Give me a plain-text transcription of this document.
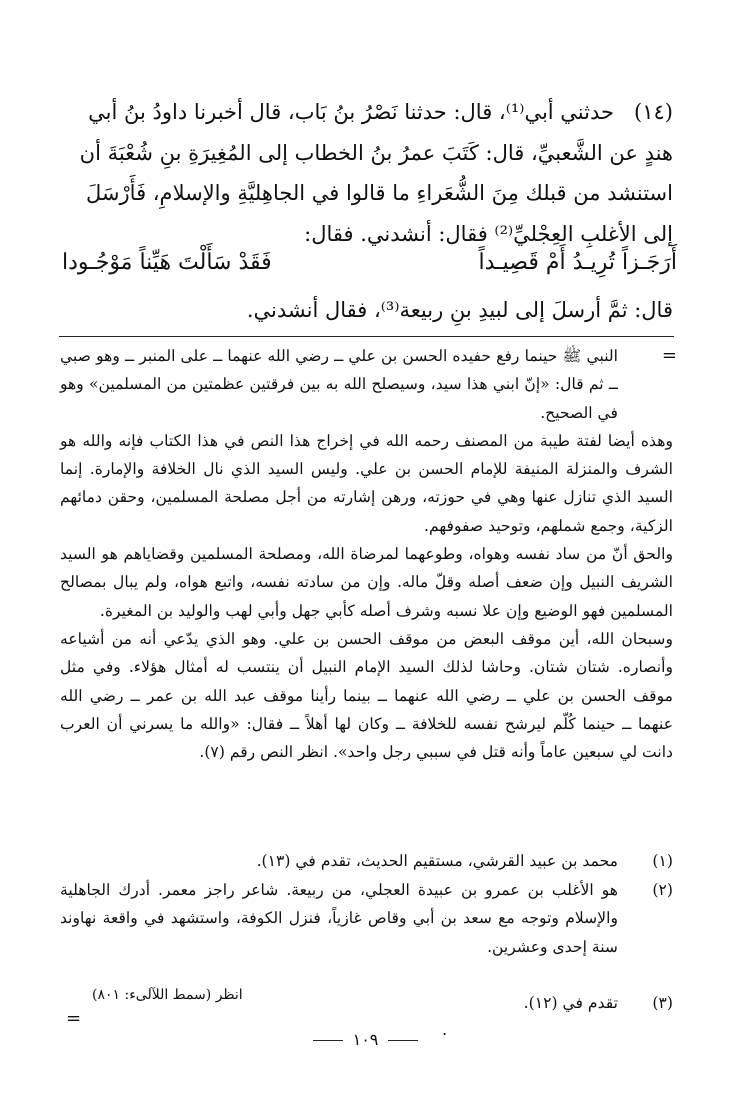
(١٤)   حدثني أبي⁽¹⁾، قال: حدثنا نَصْرُ بنُ بَاب، قال أخبرنا داودُ بنُ أبي هندٍ عن الشَّعبيِّ، قال: كَتَبَ عمرُ بنُ الخطاب إلى المُغِيرَةِ بنِ شُعْبَةَ أن استنشد من قبلك مِنَ الشُّعَراءِ ما قالوا في الجاهِليَّةِ والإسلامِ، فَأَرْسَلَ إلى الأغلبِ العِجْليِّ⁽²⁾ فقال: أنشدني. فقال:

أَرَجَـزاً تُرِيـدُ أَمْ قَصِيـداً
فَقَدْ سَأَلْتَ هَيِّناً مَوْجُـودا
قال: ثمَّ أرسلَ إلى لبيدِ بنِ ربيعة⁽³⁾، فقال أنشدني.
=

النبي ﷺ حينما رفع حفيده الحسن بن علي ــ رضي الله عنهما ــ على المنبر ــ وهو صبي ــ ثم قال: «إنّ ابني هذا سيد، وسيصلح الله به بين فرقتين عظمتين من المسلمين» وهو في الصحيح.

وهذه أيضا لفتة طيبة من المصنف رحمه الله في إخراج هذا النص في هذا الكتاب فإنه والله هو الشرف والمنزلة المنيفة للإمام الحسن بن علي. وليس السيد الذي نال الخلافة والإمارة. إنما السيد الذي تنازل عنها وهي في حوزته، ورهن إشارته من أجل مصلحة المسلمين، وحقن دمائهم الزكية، وجمع شملهم، وتوحيد صفوفهم.

والحق أنّ من ساد نفسه وهواه، وطوعهما لمرضاة الله، ومصلحة المسلمين وقضاياهم هو السيد الشريف النبيل وإن ضعف أصله وقلّ ماله. وإن من سادته نفسه، واتبع هواه، ولم يبال بمصالح المسلمين فهو الوضيع وإن علا نسبه وشرف أصله كأبي جهل وأبي لهب والوليد بن المغيرة.

وسبحان الله، أين موقف البعض من موقف الحسن بن علي. وهو الذي يدّعي أنه من أشياعه وأنصاره. شتان شتان. وحاشا لذلك السيد الإمام النبيل أن ينتسب له أمثال هؤلاء. وفي مثل موقف الحسن بن علي ــ رضي الله عنهما ــ بينما رأينا موقف عبد الله بن عمر ــ رضي الله عنهما ــ حينما كُلّم ليرشح نفسه للخلافة ــ وكان لها أهلاً ــ فقال: «والله ما يسرني أن العرب دانت لي سبعين عاماً وأنه قتل في سببي رجل واحد». انظر النص رقم (٧).

(١)
محمد بن عبيد القرشي، مستقيم الحديث، تقدم في (١٣).
(٢)
هو الأغلب بن عمرو بن عبيدة العجلي، من ربيعة. شاعر راجز معمر. أدرك الجاهلية والإسلام وتوجه مع سعد بن أبي وقاص غازياً، فنزل الكوفة، واستشهد في واقعة نهاوند سنة إحدى وعشرين.
(٣)
تقدم في (١٢).
انظر (سمط اللآلىء: ٨٠١)
=
.
١٠٩
